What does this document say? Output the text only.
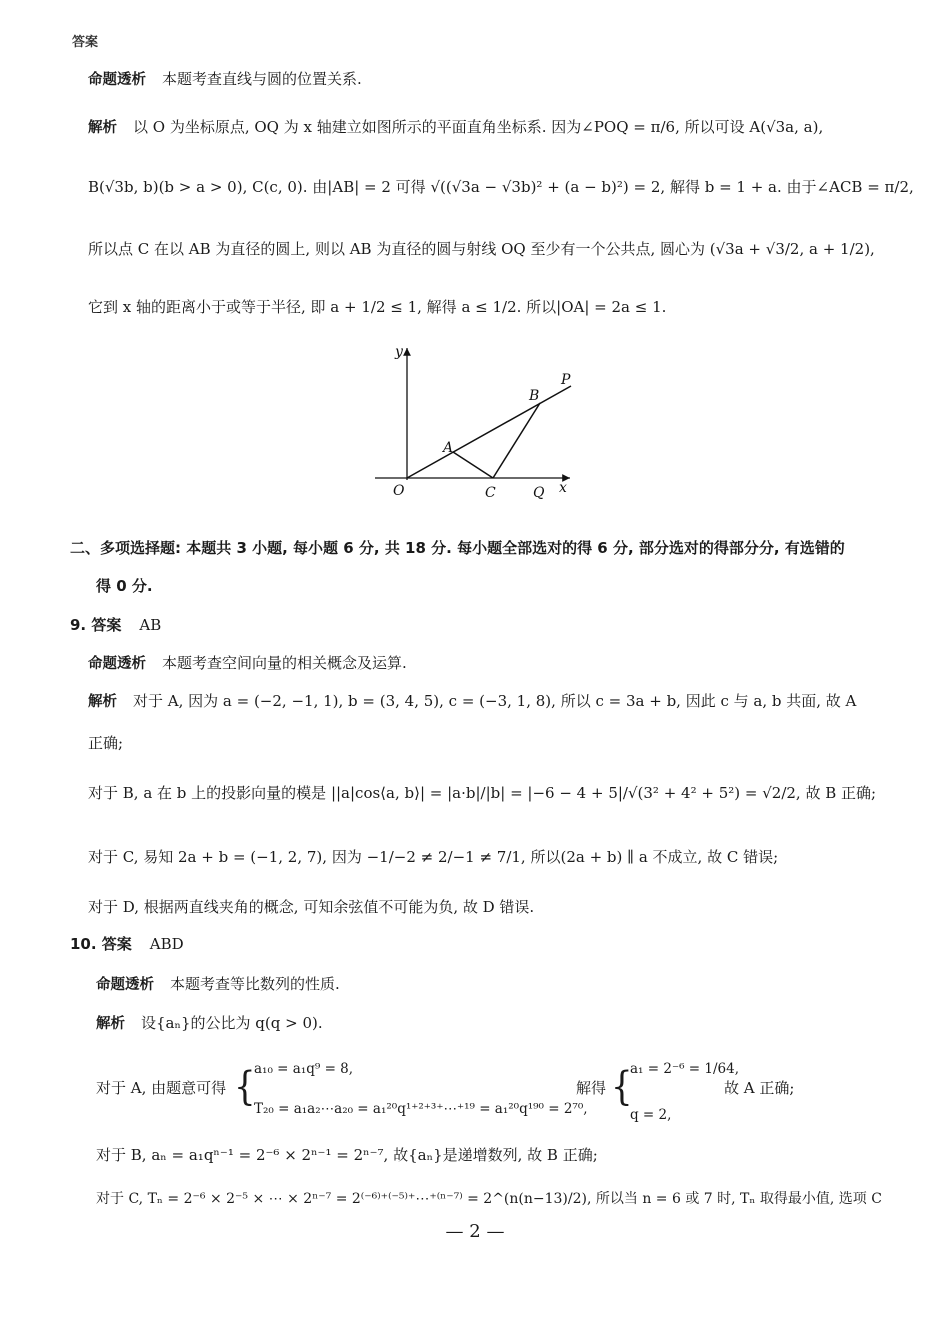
答案
命题透析 本题考查直线与圆的位置关系.
解析 以 O 为坐标原点, OQ 为 x 轴建立如图所示的平面直角坐标系. 因为∠POQ = π/6, 所以可设 A(√3a, a),
B(√3b, b)(b > a > 0), C(c, 0). 由|AB| = 2 可得 √((√3a − √3b)² + (a − b)²) = 2, 解得 b = 1 + a. 由于∠ACB = π/2,
所以点 C 在以 AB 为直径的圆上, 则以 AB 为直径的圆与射线 OQ 至少有一个公共点, 圆心为 (√3a + √3/2, a + 1/2),
它到 x 轴的距离小于或等于半径, 即 a + 1/2 ≤ 1, 解得 a ≤ 1/2. 所以|OA| = 2a ≤ 1.
y
x
O
A
B
C
P
Q
二、多项选择题: 本题共 3 小题, 每小题 6 分, 共 18 分. 每小题全部选对的得 6 分, 部分选对的得部分分, 有选错的
得 0 分.
9. 答案 AB
命题透析 本题考查空间向量的相关概念及运算.
解析 对于 A, 因为 a = (−2, −1, 1), b = (3, 4, 5), c = (−3, 1, 8), 所以 c = 3a + b, 因此 c 与 a, b 共面, 故 A
正确;
对于 B, a 在 b 上的投影向量的模是 ||a|cos⟨a, b⟩| = |a·b|/|b| = |−6 − 4 + 5|/√(3² + 4² + 5²) = √2/2, 故 B 正确;
对于 C, 易知 2a + b = (−1, 2, 7), 因为 −1/−2 ≠ 2/−1 ≠ 7/1, 所以(2a + b) ∥ a 不成立, 故 C 错误;
对于 D, 根据两直线夹角的概念, 可知余弦值不可能为负, 故 D 错误.
10. 答案 ABD
命题透析 本题考查等比数列的性质.
解析 设{aₙ}的公比为 q(q > 0).
对于 A, 由题意可得 {
a₁₀ = a₁q⁹ = 8,
T₂₀ = a₁a₂⋯a₂₀ = a₁²⁰q¹⁺²⁺³⁺⋯⁺¹⁹ = a₁²⁰q¹⁹⁰ = 2⁷⁰,
解得 {
a₁ = 2⁻⁶ = 1/64,
q = 2,
故 A 正确;
对于 B, aₙ = a₁qⁿ⁻¹ = 2⁻⁶ × 2ⁿ⁻¹ = 2ⁿ⁻⁷, 故{aₙ}是递增数列, 故 B 正确;
对于 C, Tₙ = 2⁻⁶ × 2⁻⁵ × ⋯ × 2ⁿ⁻⁷ = 2⁽⁻⁶⁾⁺⁽⁻⁵⁾⁺⋯⁺⁽ⁿ⁻⁷⁾ = 2^(n(n−13)/2), 所以当 n = 6 或 7 时, Tₙ 取得最小值, 选项 C
— 2 —
